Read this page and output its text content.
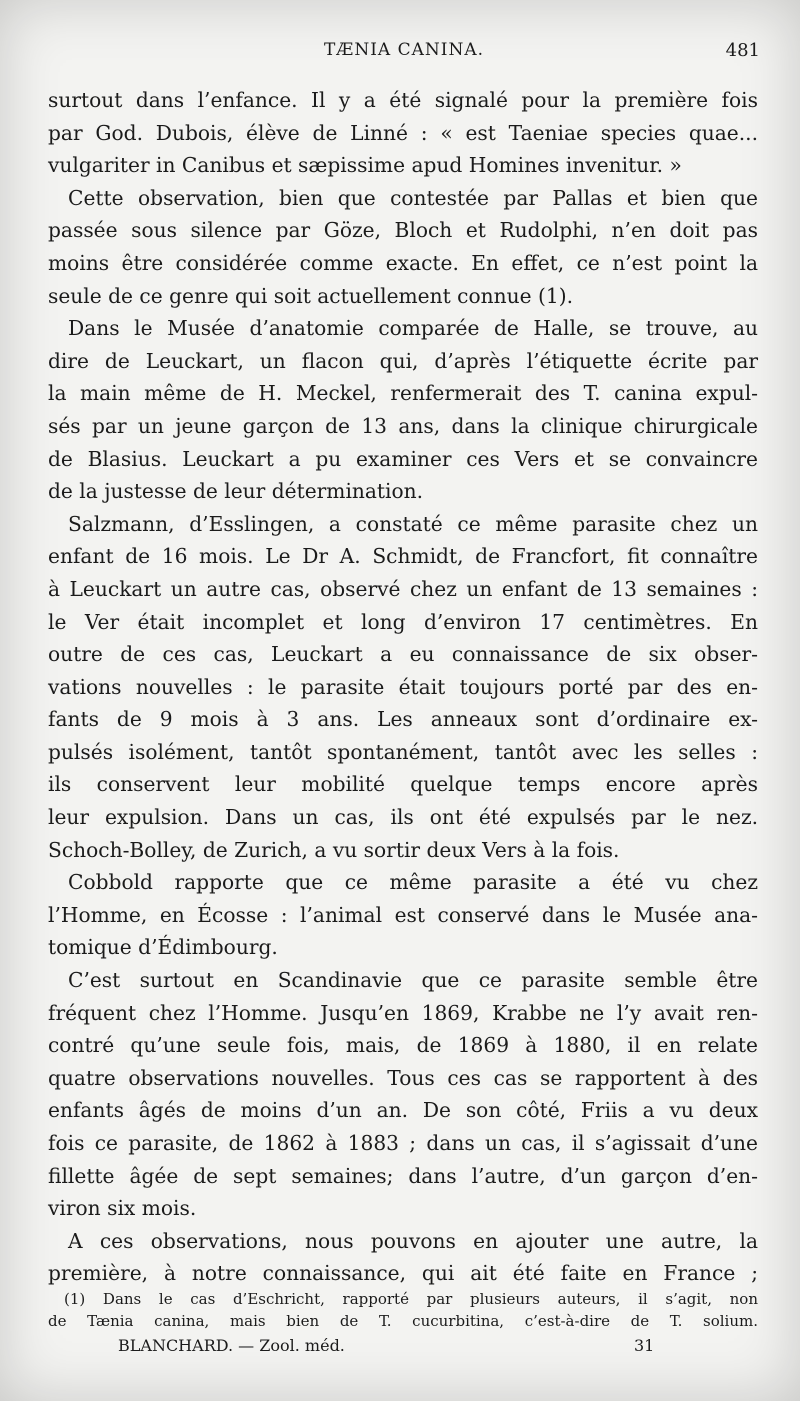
TÆNIA CANINA.	481
surtout dans l’enfance. Il y a été signalé pour la première fois
par God. Dubois, élève de Linné : « est Taeniae species quae...
vulgariter in Canibus et sæpissime apud Homines invenitur. »
Cette observation, bien que contestée par Pallas et bien que
passée sous silence par Göze, Bloch et Rudolphi, n’en doit pas
moins être considérée comme exacte. En effet, ce n’est point la
seule de ce genre qui soit actuellement connue (1).
Dans le Musée d’anatomie comparée de Halle, se trouve, au
dire de Leuckart, un flacon qui, d’après l’étiquette écrite par
la main même de H. Meckel, renfermerait des T. canina expul-
sés par un jeune garçon de 13 ans, dans la clinique chirurgicale
de Blasius. Leuckart a pu examiner ces Vers et se convaincre
de la justesse de leur détermination.
Salzmann, d’Esslingen, a constaté ce même parasite chez un
enfant de 16 mois. Le Dr A. Schmidt, de Francfort, fit connaître
à Leuckart un autre cas, observé chez un enfant de 13 semaines :
le Ver était incomplet et long d’environ 17 centimètres. En
outre de ces cas, Leuckart a eu connaissance de six obser-
vations nouvelles : le parasite était toujours porté par des en-
fants de 9 mois à 3 ans. Les anneaux sont d’ordinaire ex-
pulsés isolément, tantôt spontanément, tantôt avec les selles :
ils conservent leur mobilité quelque temps encore après
leur expulsion. Dans un cas, ils ont été expulsés par le nez.
Schoch-Bolley, de Zurich, a vu sortir deux Vers à la fois.
Cobbold rapporte que ce même parasite a été vu chez
l’Homme, en Écosse : l’animal est conservé dans le Musée ana-
tomique d’Édimbourg.
C’est surtout en Scandinavie que ce parasite semble être
fréquent chez l’Homme. Jusqu’en 1869, Krabbe ne l’y avait ren-
contré qu’une seule fois, mais, de 1869 à 1880, il en relate
quatre observations nouvelles. Tous ces cas se rapportent à des
enfants âgés de moins d’un an. De son côté, Friis a vu deux
fois ce parasite, de 1862 à 1883 ; dans un cas, il s’agissait d’une
fillette âgée de sept semaines; dans l’autre, d’un garçon d’en-
viron six mois.
A ces observations, nous pouvons en ajouter une autre, la
première, à notre connaissance, qui ait été faite en France ;
(1) Dans le cas d’Eschricht, rapporté par plusieurs auteurs, il s’agit, non
de Tænia canina, mais bien de T. cucurbitina, c’est-à-dire de T. solium.
BLANCHARD. — Zool. méd.	31
